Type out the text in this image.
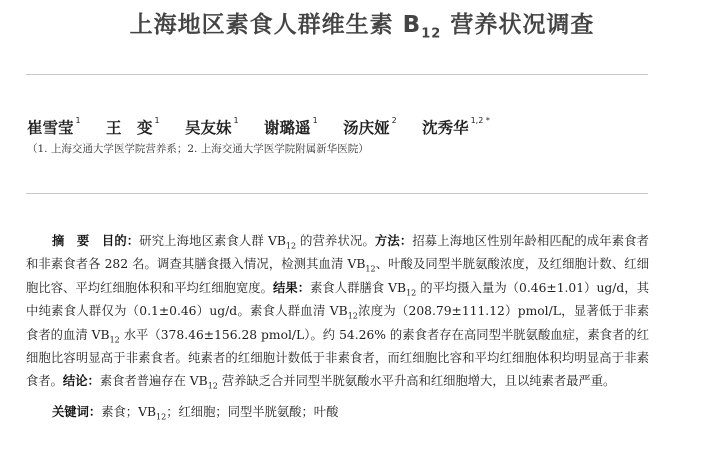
上海地区素食人群维生素 $B_{12}$ 营养状况调查
崔雪莹 $^1$ 王　变 $^1$ 吴友妹 $^1$ 谢璐遥 $^1$ 汤庆娅 $^2$ 沈秀华 $^{1,2 *}$
（1. 上海交通大学医学院营养系；2. 上海交通大学医学院附属新华医院）
摘　要　 目的：研究上海地区素食人群 $VB_{12}$ 的营养状况。方法：招募上海地区性别年龄相匹配的成年素食者和非素食者各 282 名。调查其膳食摄入情况，检测其血清 $VB_{12}$、叶酸及同型半胱氨酸浓度，及红细胞计数、红细胞比容、平均红细胞体积和平均红细胞宽度。结果：素食人群膳食 $VB_{12}$ 的平均摄入量为（0.46±1.01）ug/d，其中纯素食人群仅为（0.1±0.46）ug/d。素食人群血清 $VB_{12}$浓度为（208.79±111.12）pmol/L，显著低于非素食者的血清 $VB_{12}$ 水平（378.46±156.28 pmol/L）。约 54.26% 的素食者存在高同型半胱氨酸血症，素食者的红细胞比容明显高于非素食者。纯素者的红细胞计数低于非素食者，而红细胞比容和平均红细胞体积均明显高于非素食者。结论：素食者普遍存在 $VB_{12}$ 营养缺乏合并同型半胱氨酸水平升高和红细胞增大，且以纯素者最严重。
关键词：素食；$VB_{12}$；红细胞；同型半胱氨酸；叶酸
